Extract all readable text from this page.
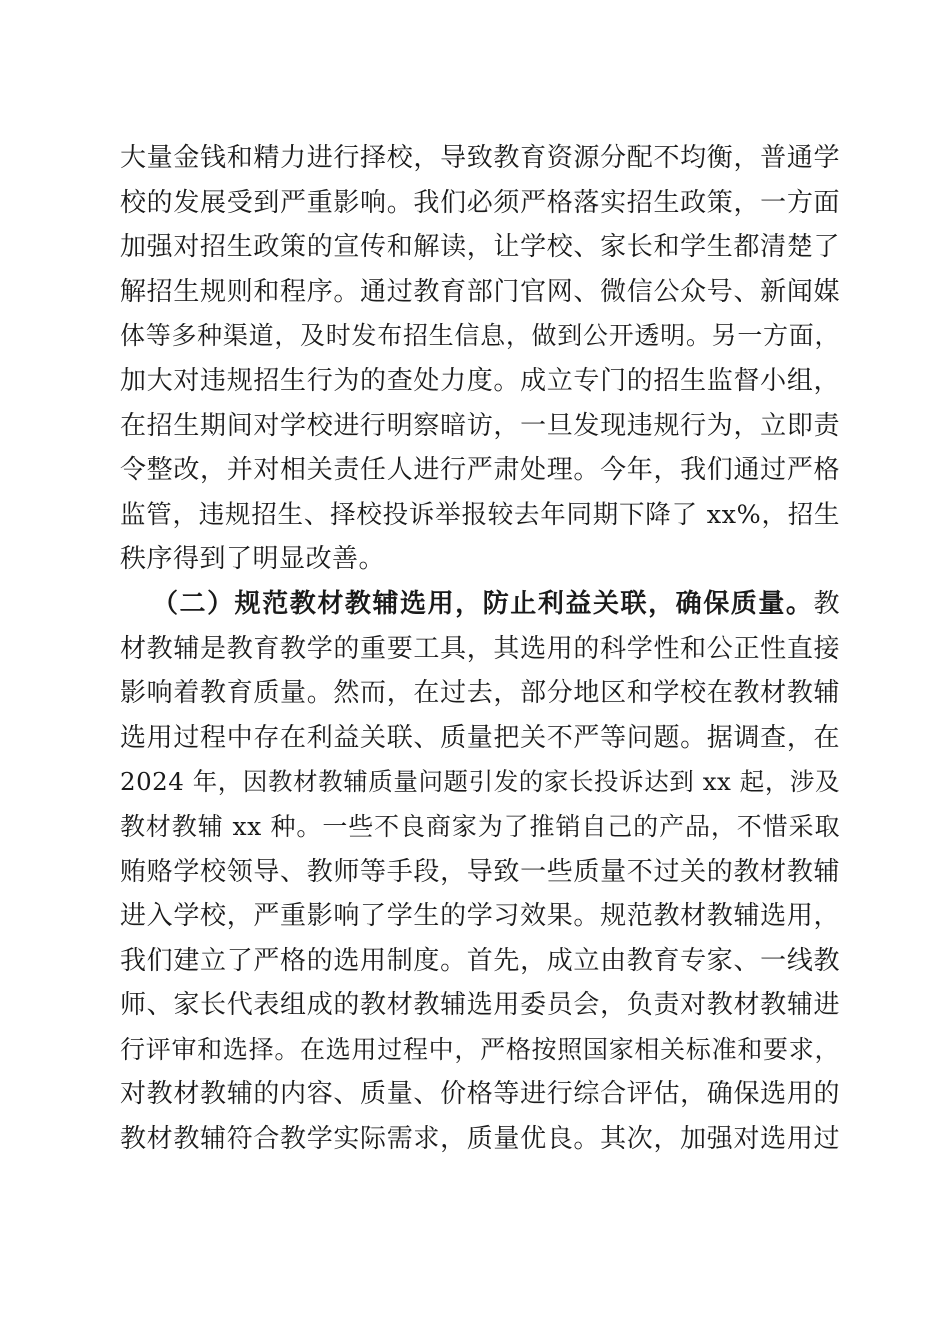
大量金钱和精力进行择校，导致教育资源分配不均衡，普通学
校的发展受到严重影响。我们必须严格落实招生政策，一方面
加强对招生政策的宣传和解读，让学校、家长和学生都清楚了
解招生规则和程序。通过教育部门官网、微信公众号、新闻媒
体等多种渠道，及时发布招生信息，做到公开透明。另一方面，
加大对违规招生行为的查处力度。成立专门的招生监督小组，
在招生期间对学校进行明察暗访，一旦发现违规行为，立即责
令整改，并对相关责任人进行严肃处理。今年，我们通过严格
监管，违规招生、择校投诉举报较去年同期下降了 xx%，招生
秩序得到了明显改善。
（二）规范教材教辅选用，防止利益关联，确保质量。教
材教辅是教育教学的重要工具，其选用的科学性和公正性直接
影响着教育质量。然而，在过去，部分地区和学校在教材教辅
选用过程中存在利益关联、质量把关不严等问题。据调查，在
2024 年，因教材教辅质量问题引发的家长投诉达到 xx 起，涉及
教材教辅 xx 种。一些不良商家为了推销自己的产品，不惜采取
贿赂学校领导、教师等手段，导致一些质量不过关的教材教辅
进入学校，严重影响了学生的学习效果。规范教材教辅选用，
我们建立了严格的选用制度。首先，成立由教育专家、一线教
师、家长代表组成的教材教辅选用委员会，负责对教材教辅进
行评审和选择。在选用过程中，严格按照国家相关标准和要求，
对教材教辅的内容、质量、价格等进行综合评估，确保选用的
教材教辅符合教学实际需求，质量优良。其次，加强对选用过
